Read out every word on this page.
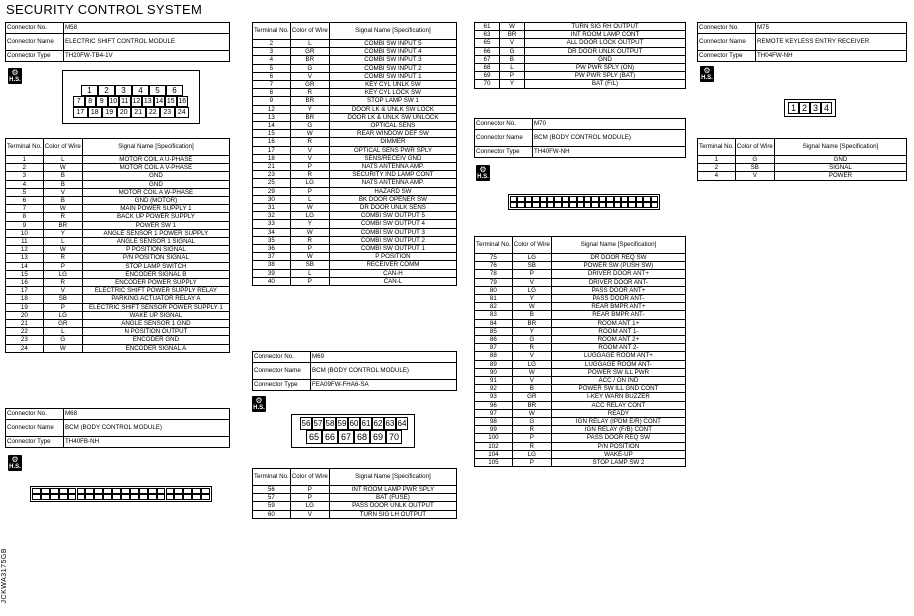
SECURITY CONTROL SYSTEM
JCKWA3175GB
Connector No.	M58
Connector Name	ELECTRIC SHIFT CONTROL MODULE
Connector Type	TH20FW-TB4-1V
⚙
H.S.
1	2	3	4	5	6
7	8	9 10 11 12 13 14 15 16
17 18 19 20 21 22 23 24
Terminal No.	Color of Wire	Signal Name [Specification]
1	L	MOTOR COIL A U-PHASE
2	W	MOTOR COIL A V-PHASE
3	B	GND
4	B	GND
5	V	MOTOR COIL A W-PHASE
6	B	GND (MOTOR)
7	W	MAIN POWER SUPPLY 1
8	R	BACK UP POWER SUPPLY
9	BR	POWER SW 1
10	Y	ANGLE SENSOR 1 POWER SUPPLY
11	L	ANGLE SENSOR 1 SIGNAL
12	W	P POSITION SIGNAL
13	R	P/N POSITION SIGNAL
14	P	STOP LAMP SWITCH
15	LG	ENCODER SIGNAL B
16	R	ENCODER POWER SUPPLY
17	V	ELECTRIC SHIFT POWER SUPPLY RELAY
18	SB	PARKING ACTUATOR RELAY A
19	P	ELECTRIC SHIFT SENSOR POWER SUPPLY 1
20	LG	WAKE UP SIGNAL
21	GR	ANGLE SENSOR 1 GND
22	L	N POSITION OUTPUT
23	G	ENCODER GND
24	W	ENCODER SIGNAL A
Connector No.	M68
Connector Name	BCM (BODY CONTROL MODULE)
Connector Type	TH40FB-NH
⚙
H.S.
Terminal No.	Color of Wire	Signal Name [Specification]
2	L	COMBI SW INPUT 5
3	GR	COMBI SW INPUT 4
4	BR	COMBI SW INPUT 3
5	G	COMBI SW INPUT 2
6	V	COMBI SW INPUT 1
7	GR	KEY CYL UNLK SW
8	R	KEY CYL LOCK SW
9	BR	STOP LAMP SW 1
12	Y	DOOR LK & UNLK SW LOCK
13	BR	DOOR LK & UNLK SW UNLOCK
14	G	OPTICAL SENS
15	W	REAR WINDOW DEF SW
16	R	DIMMER
17	V	OPTICAL SENS PWR SPLY
18	V	SENS/RECEIV GND
21	P	NATS ANTENNA AMP.
23	R	SECURITY IND LAMP CONT
25	LG	NATS ANTENNA AMP.
29	P	HAZARD SW
30	L	BK DOOR OPENER SW
31	W	DR DOOR UNLK SENS
32	LG	COMBI SW OUTPUT 5
33	Y	COMBI SW OUTPUT 4
34	W	COMBI SW OUTPUT 3
35	R	COMBI SW OUTPUT 2
36	P	COMBI SW OUTPUT 1
37	W	P POSITION
38	SB	RECEIVER COMM
39	L	CAN-H
40	P	CAN-L
Connector No.	M69
Connector Name	BCM (BODY CONTROL MODULE)
Connector Type	FEA09FW-FHA6-SA
⚙
H.S.
56 57 58 59 60 61 62 63 64
65 66 67 68 69 70
Terminal No.	Color of Wire	Signal Name [Specification]
56	P	INT ROOM LAMP PWR SPLY
57	P	BAT (FUSE)
59	LG	PASS DOOR UNLK OUTPUT
60	V	TURN SIG LH OUTPUT
61	W	TURN SIG RH OUTPUT
63	BR	INT ROOM LAMP CONT
65	V	ALL DOOR LOCK OUTPUT
66	G	DR DOOR UNLK OUTPUT
67	B	GND
68	L	PW PWR SPLY (ON)
69	P	PW PWR SPLY (BAT)
70	Y	BAT (F/L)
Connector No.	M70
Connector Name	BCM (BODY CONTROL MODULE)
Connector Type	TH40FW-NH
⚙
H.S.
Terminal No.	Color of Wire	Signal Name [Specification]
75	LG	DR DOOR REQ SW
76	SB	POWER SW (PUSH SW)
78	P	DRIVER DOOR ANT+
79	V	DRIVER DOOR ANT-
80	LG	PASS DOOR ANT+
81	Y	PASS DOOR ANT-
82	W	REAR BMPR ANT+
83	B	REAR BMPR ANT-
84	BR	ROOM ANT 1+
85	Y	ROOM ANT 1-
86	G	ROOM ANT 2+
87	R	ROOM ANT 2-
88	V	LUGGAGE ROOM ANT+
89	LG	LUGGAGE ROOM ANT-
90	W	POWER SW ILL PWR
91	V	ACC / ON IND
92	B	POWER SW ILL GND CONT
93	GR	I-KEY WARN BUZZER
96	BR	ACC RELAY CONT
97	W	READY
98	G	IGN RELAY (IPDM E/R) CONT
99	R	IGN RELAY (F/B) CONT
100	P	PASS DOOR REQ SW
102	R	P/N POSITION
104	LG	WAKE-UP
105	P	STOP LAMP SW 2
Connector No.	M75
Connector Name	REMOTE KEYLESS ENTRY RECEIVER
Connector Type	TH04FW-NH
⚙
H.S.
1 2 3 4
Terminal No.	Color of Wire	Signal Name [Specification]
1	G	GND
2	SB	SIGNAL
4	V	POWER
